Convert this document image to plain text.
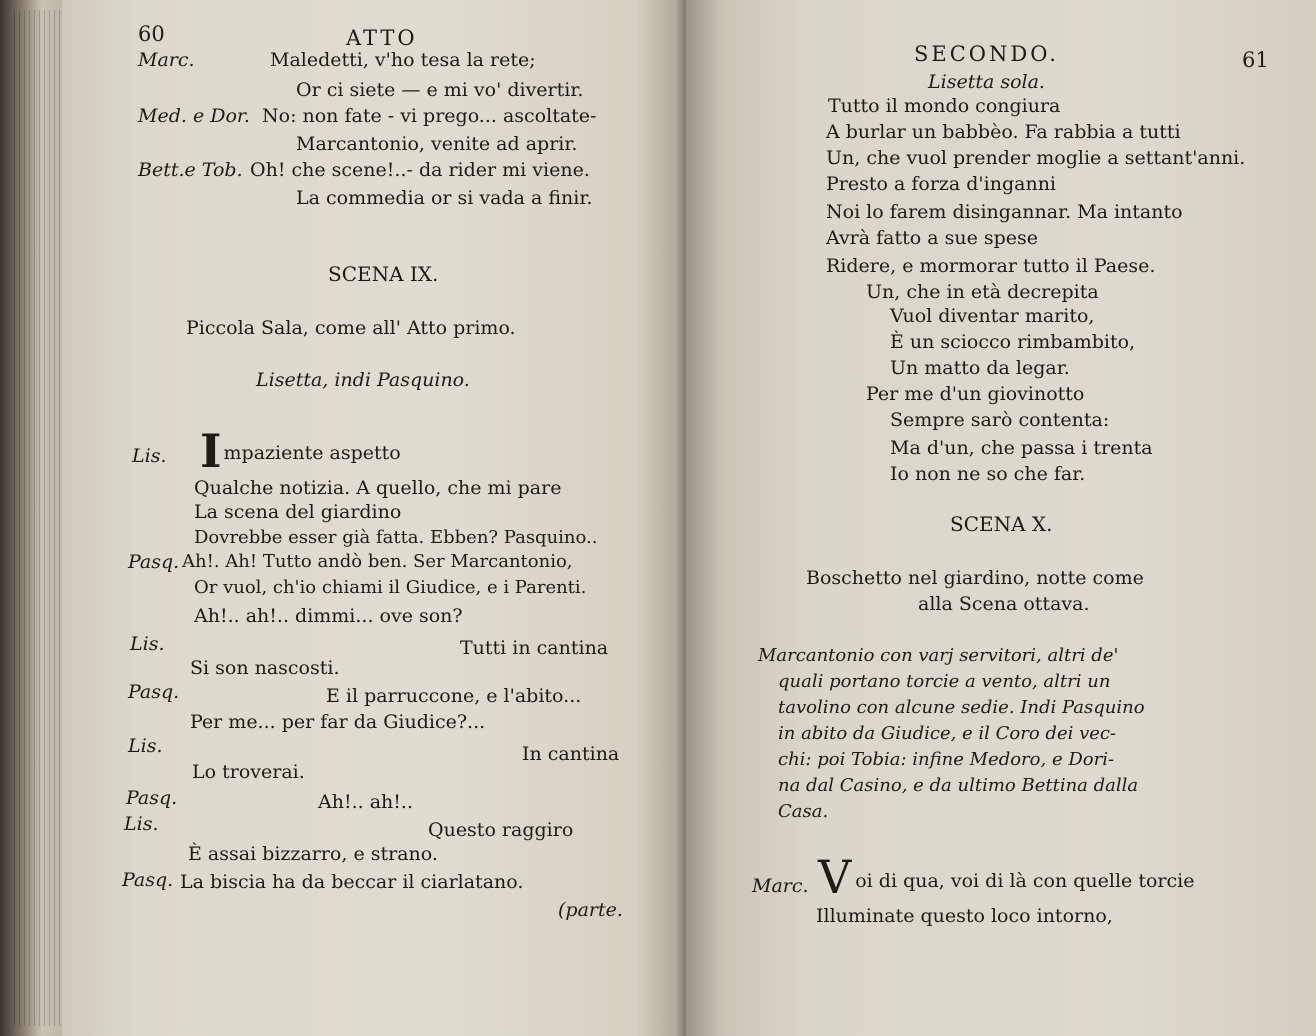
60	ATTO
Marc.	Maledetti, v'ho tesa la rete;
Or ci siete — e mi vo' divertir.
Med. e Dor. No: non fate - vi prego... ascoltate-
Marcantonio, venite ad aprir.
Bett.e Tob. Oh! che scene!..- da rider mi viene.
La commedia or si vada a finir.
SCENA IX.
Piccola Sala, come all' Atto primo.
Lisetta, indi Pasquino.
Lis. Impaziente aspetto
Qualche notizia. A quello, che mi pare
La scena del giardino
Dovrebbe esser già fatta. Ebben? Pasquino..
Pasq. Ah!. Ah! Tutto andò ben. Ser Marcantonio,
Or vuol, ch'io chiami il Giudice, e i Parenti.
Ah!.. ah!.. dimmi... ove son?
Lis.	Tutti in cantina
Si son nascosti.
Pasq.	E il parruccone, e l'abito...
Per me... per far da Giudice?...
Lis.	In cantina
Lo troverai.
Pasq.	Ah!.. ah!..
Lis.	Questo raggiro
È assai bizzarro, e strano.
Pasq. La biscia ha da beccar il ciarlatano.
(parte.
SECONDO.	61
Lisetta sola.
Tutto il mondo congiura
A burlar un babbèo. Fa rabbia a tutti
Un, che vuol prender moglie a settant'anni.
Presto a forza d'inganni
Noi lo farem disingannar. Ma intanto
Avrà fatto a sue spese
Ridere, e mormorar tutto il Paese.
Un, che in età decrepita
Vuol diventar marito,
È un sciocco rimbambito,
Un matto da legar.
Per me d'un giovinotto
Sempre sarò contenta:
Ma d'un, che passa i trenta
Io non ne so che far.
SCENA X.
Boschetto nel giardino, notte come
alla Scena ottava.
Marcantonio con varj servitori, altri de'
quali portano torcie a vento, altri un
tavolino con alcune sedie. Indi Pasquino
in abito da Giudice, e il Coro dei vec-
chi: poi Tobia: infine Medoro, e Dori-
na dal Casino, e da ultimo Bettina dalla
Casa.
Marc. Voi di qua, voi di là con quelle torcie
Illuminate questo loco intorno,
